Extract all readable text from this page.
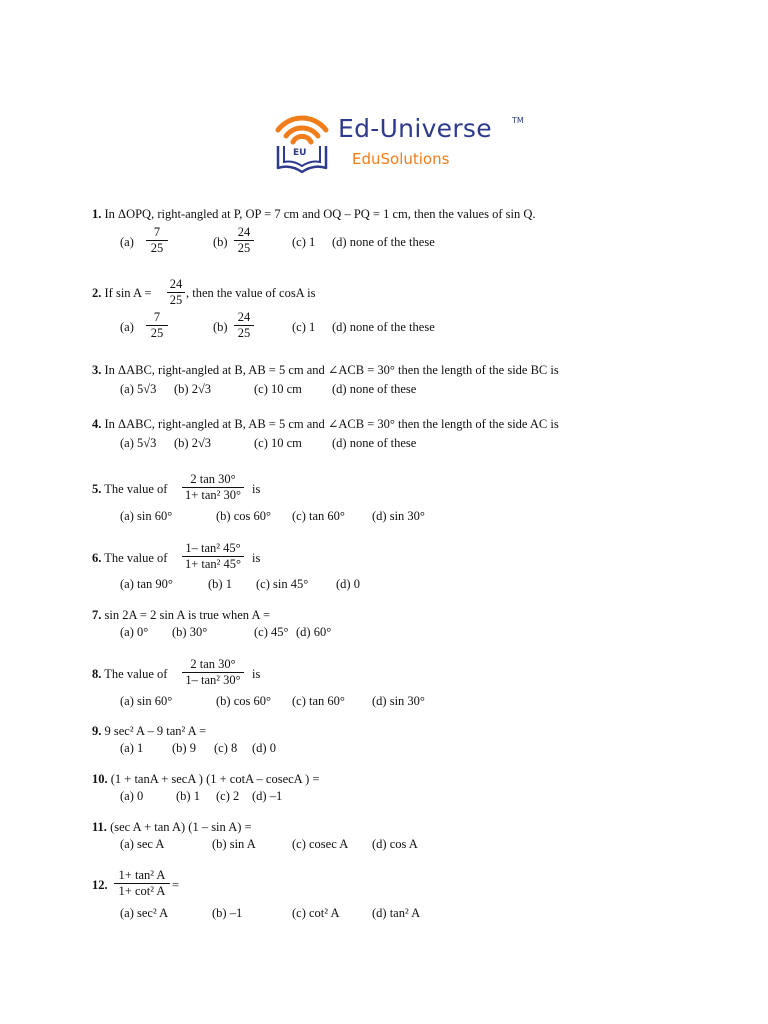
EU
Ed-Universe	TM
EduSolutions
1. In ΔOPQ, right-angled at P, OP = 7 cm and OQ – PQ = 1 cm, then the values of sin Q.
(a)
7
25	(b)
24
25	(c) 1 (d) none of the these
2. If sin A =
24
25 , then the value of cosA is
(a)
7
25	(b)
24
25	(c) 1 (d) none of the these
3. In ΔABC, right-angled at B, AB = 5 cm and ∠ACB = 30° then the length of the side BC is
(a) 5√3 (b) 2√3	(c) 10 cm (d) none of these
4. In ΔABC, right-angled at B, AB = 5 cm and ∠ACB = 30° then the length of the side AC is
(a) 5√3 (b) 2√3	(c) 10 cm (d) none of these
5. The value of
2 tan 30°
1+ tan² 30° is
(a) sin 60°	(b) cos 60° (c) tan 60° (d) sin 30°
6. The value of
1– tan² 45°
1+ tan² 45° is
(a) tan 90°	(b) 1 (c) sin 45° (d) 0
7. sin 2A = 2 sin A is true when A =
(a) 0° (b) 30°	(c) 45° (d) 60°
8. The value of
2 tan 30°
1– tan² 30° is
(a) sin 60°	(b) cos 60° (c) tan 60° (d) sin 30°
9. 9 sec² A – 9 tan² A =
(a) 1 (b) 9 (c) 8 (d) 0
10. (1 + tanA + secA ) (1 + cotA – cosecA ) =
(a) 0	(b) 1 (c) 2 (d) –1
11. (sec A + tan A) (1 – sin A) =
(a) sec A	(b) sin A	(c) cosec A (d) cos A
12.
1+ tan² A
1+ cot² A =
(a) sec² A	(b) –1	(c) cot² A	(d) tan² A
